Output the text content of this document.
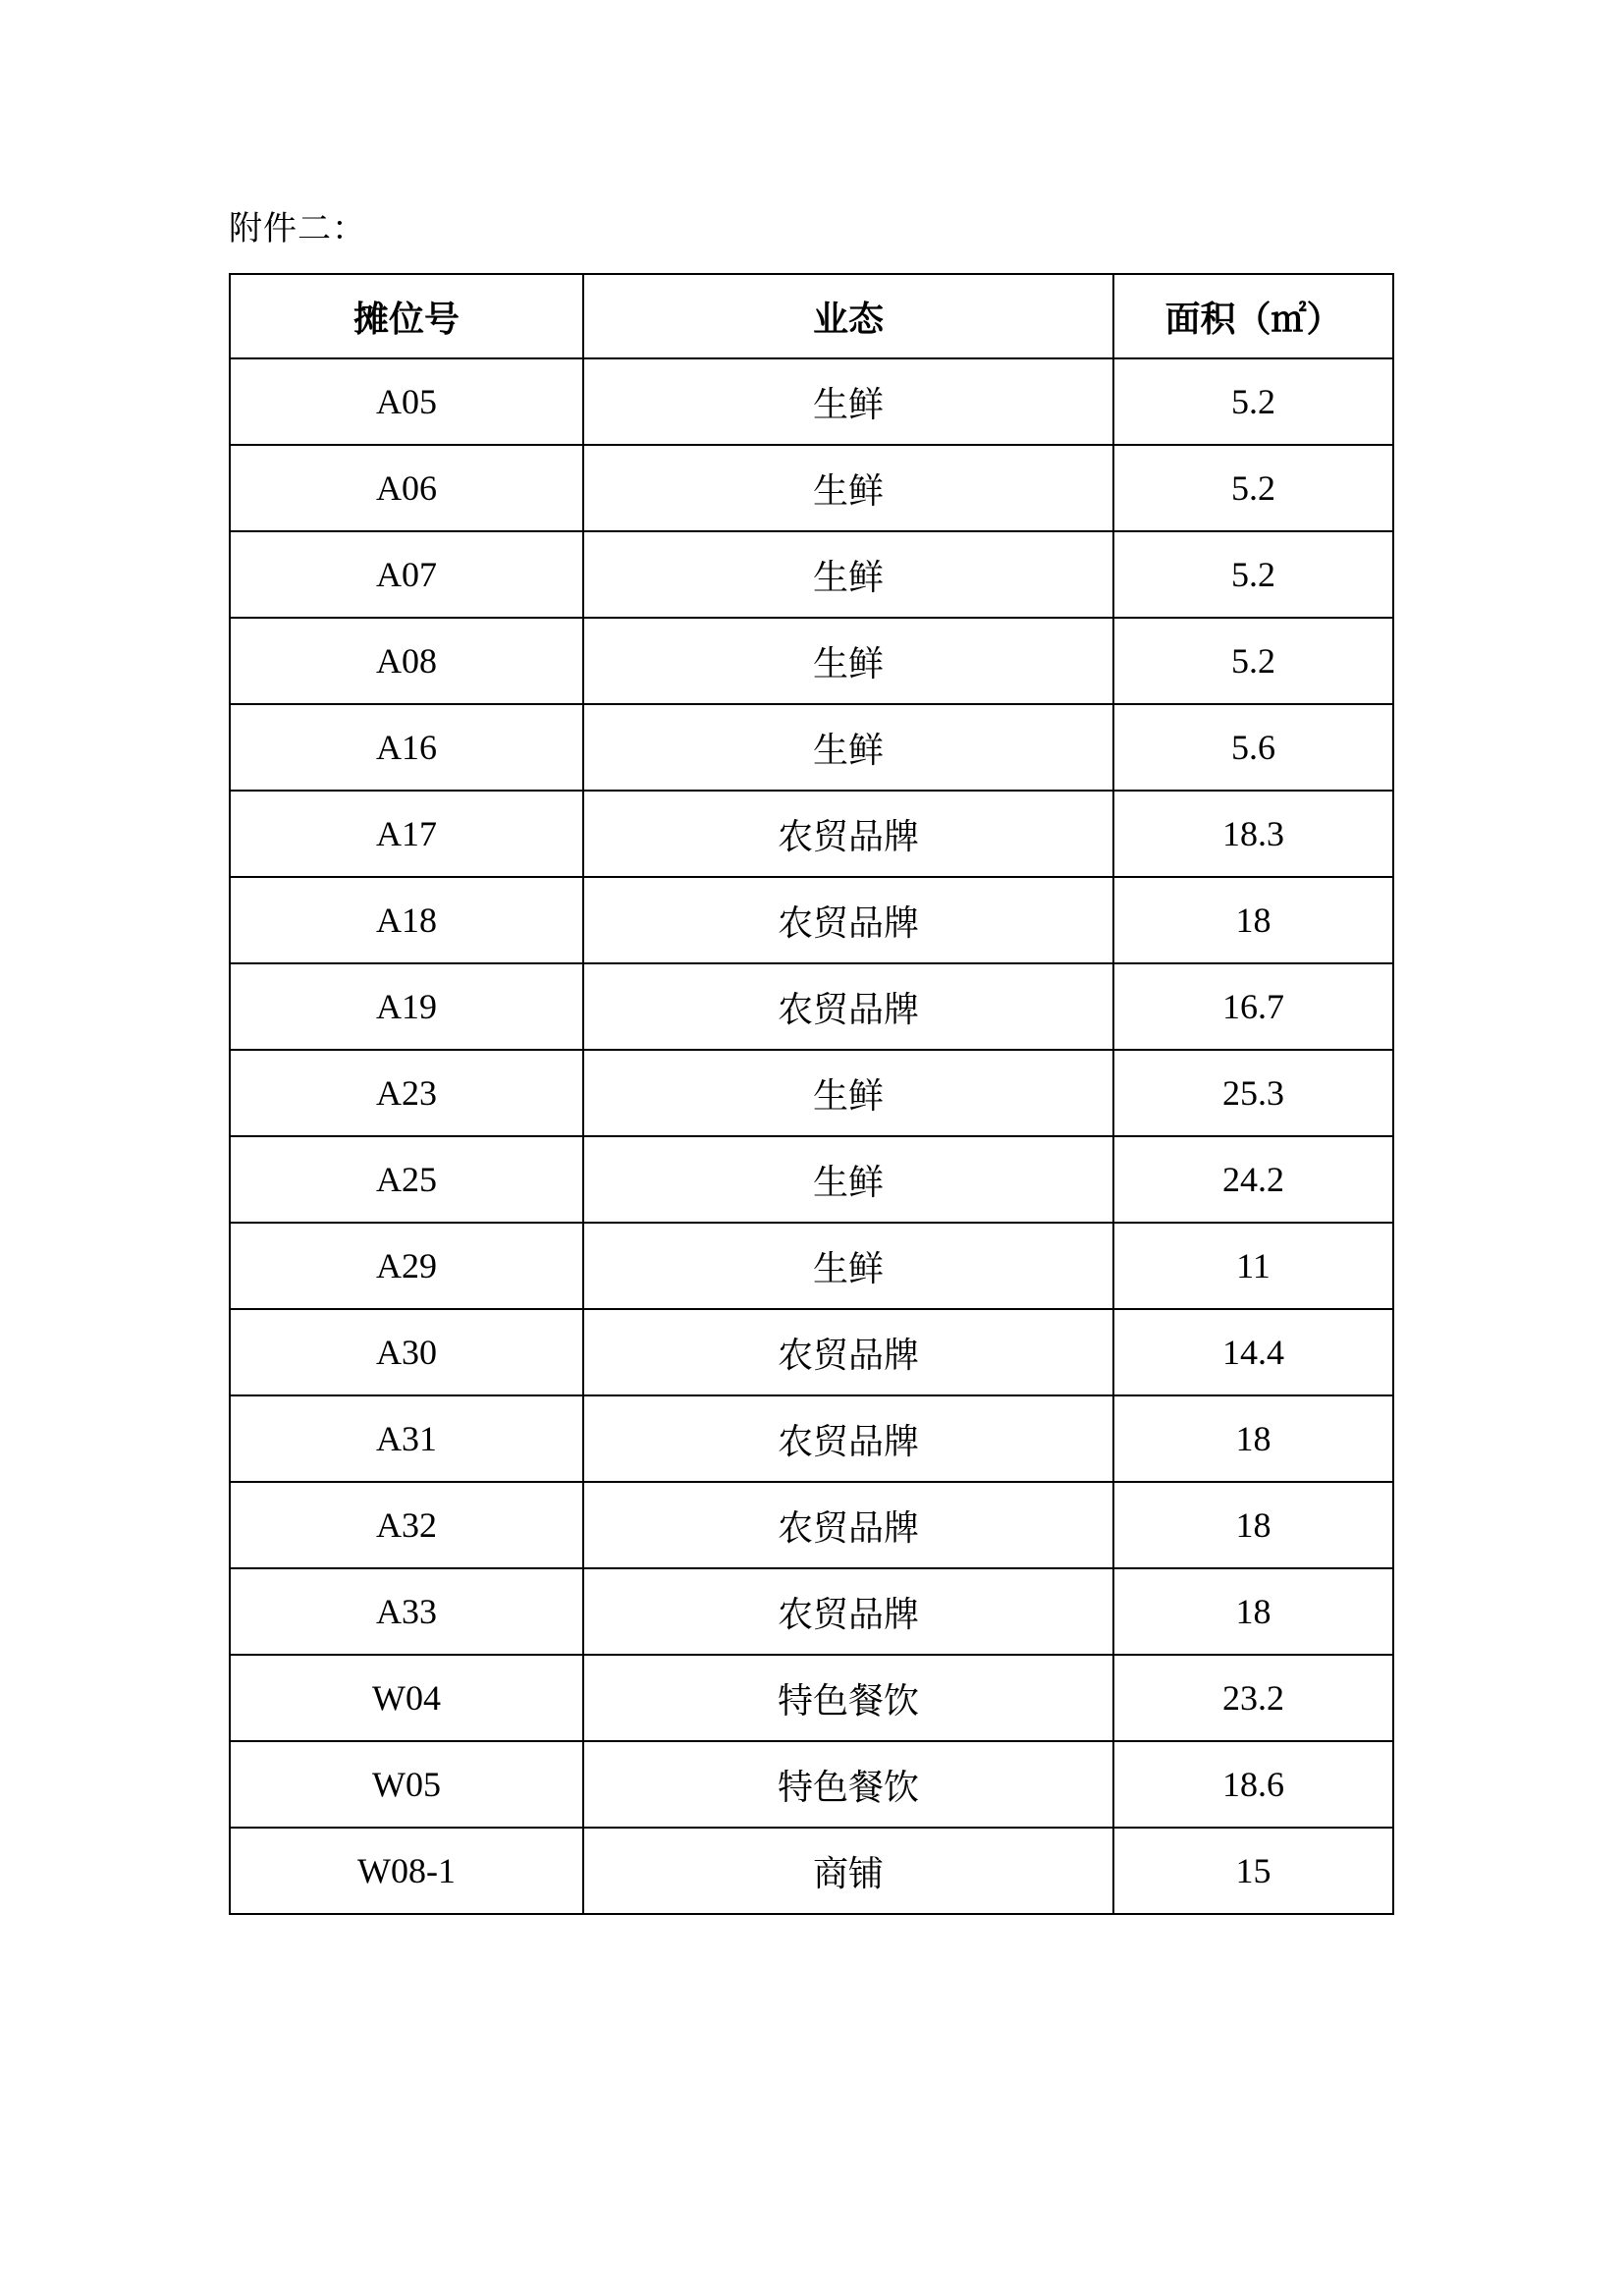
附件二：
摊位号	业态	面积（㎡）
A05	生鲜	5.2
A06	生鲜	5.2
A07	生鲜	5.2
A08	生鲜	5.2
A16	生鲜	5.6
A17	农贸品牌	18.3
A18	农贸品牌	18
A19	农贸品牌	16.7
A23	生鲜	25.3
A25	生鲜	24.2
A29	生鲜	11
A30	农贸品牌	14.4
A31	农贸品牌	18
A32	农贸品牌	18
A33	农贸品牌	18
W04	特色餐饮	23.2
W05	特色餐饮	18.6
W08-1	商铺	15
